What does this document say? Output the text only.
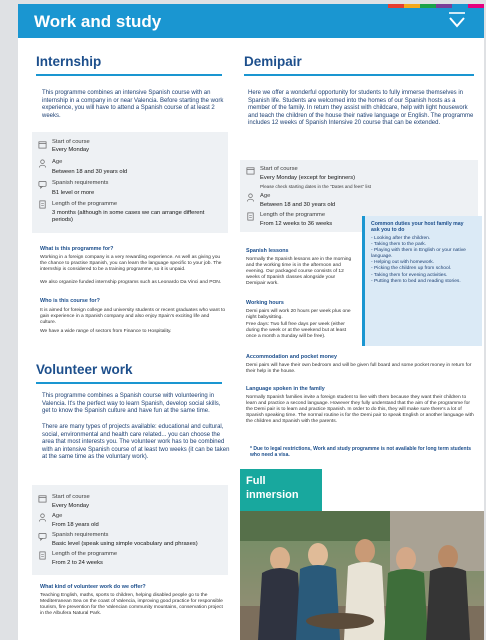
Work and study
Internship
This programme combines an intensive Spanish course with an internship in a company in or near Valencia. Before starting the work experience, you will have to attend a Spanish course of at least 2 weeks.
Start of course
Every Monday
Age
Between 18 and 30 years old
Spanish requirements
B1 level or more
Length of the programme
3 months (although in some cases we can arrange different periods)
What is this programme for?
Working in a foreign company is a very rewarding experience. As well as giving you the chance to practise Spanish, you can learn the language specific to your job. The internship is considered to be a training programme, so it is unpaid.
We also organize funded internship programs such as Leonardo Da Vinci and PON.
Who is this course for?
It is aimed for foreign college and university students or recent graduates who want to gain experience in a Spanish company and also enjoy Spain's exciting life and culture.
We have a wide range of sectors from Finance to Hospitality.
Volunteer work
This programme combines a Spanish course with volunteering in Valencia. It's the perfect way to learn Spanish, develop social skills, get to know the Spanish culture and have fun at the same time.
There are many types of projects available: educational and cultural, social, environmental and health care related... you can choose the area that most interests you. The volunteer work has to be combined with an intensive Spanish course of at least two weeks (it can be taken at the same time as the voluntary work).
Start of course
Every Monday
Age
From 18 years old
Spanish requirements
Basic level (speak using simple vocabulary and phrases)
Length of the programme
From 2 to 24 weeks
What kind of volunteer work do we offer?
Teaching English, maths, sports to children, helping disabled people go to the Mediterranean Sea on the coast of Valencia, improving good practice for responsible tourism, fire prevention for the Valencian community mountains, conservation project in the Albufera Natural Park.
Demipair
Here we offer a wonderful opportunity for students to fully immerse themselves in Spanish life. Students are welcomed into the homes of our Spanish hosts as a member of the family. In return they assist with childcare, help with light housework and teach the children of the house their native language or English. The programme includes 12 weeks of Spanish Intensive 20 course that can be extended.
Start of course
Every Monday (except for beginners)
Please check starting dates in the "Dates and fees" list
Age
Between 18 and 30 years old
Length of the programme
From 12 weeks to 36 weeks	Common duties your host family may ask you to do
- Looking after the children.
- Taking them to the park.
- Playing with them in English or your native language.
- Helping out with homework.
- Picking the children up from school.
- Taking them for evening activities.
- Putting them to bed and reading stories.
Spanish lessons
Normally the Spanish lessons are in the morning and the working time is in the afternoon and evening. Our packaged course consists of 12 weeks of Spanish classes alongside your Demipair work.
Working hours
Demi pairs will work 20 hours per week plus one night babysitting.
Free days: Two full free days per week (either during the week or at the weekend but at least once a month a Sunday will be free).
Accommodation and pocket money
Demi pairs will have their own bedroom and will be given full board and some pocket money in return for their help in the house.
Language spoken in the family
Normally Spanish families invite a foreign student to live with them because they want their children to learn and practice a second language. However they fully understand that the aim of the programme for the Demi pair is to learn and practice Spanish. In order to do this, they will make sure there's a lot of Spanish speaking time. The normal routine is for the Demi pair to speak English or another language with the children and Spanish with the parents.
* Due to legal restrictions, Work and study programme is not available for long term students who need a visa.
Full
inmersion
